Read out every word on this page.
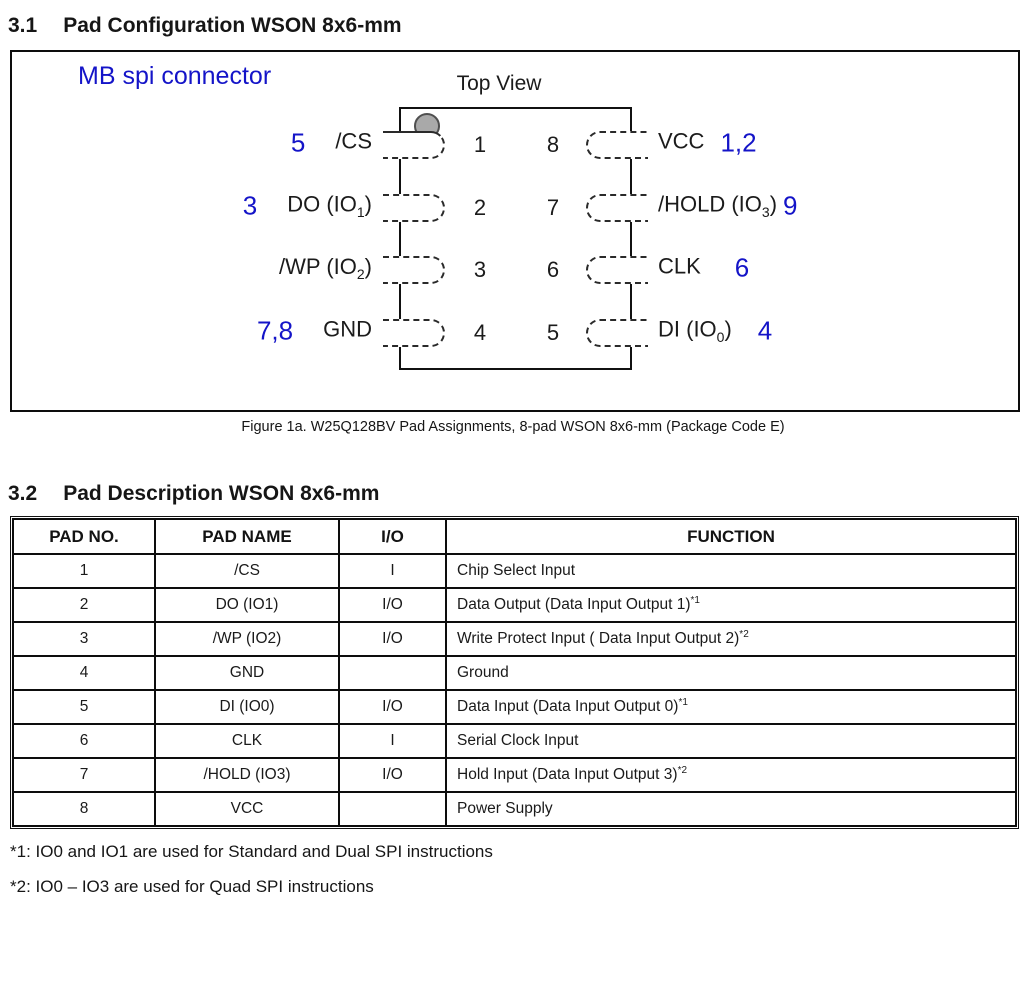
3.1 Pad Configuration WSON 8x6-mm
MB spi connector	Top View
1
2
3
4
8
7
6
5
5 /CS
3 DO $(IO_1)$
/WP $(IO_2)$
7,8 GND
VCC 1,2
/HOLD $(IO_3)$ 9
CLK 6
DI $(IO_0)$ 4
Figure 1a. W25Q128BV Pad Assignments, 8-pad WSON 8x6-mm (Package Code E)
3.2 Pad Description WSON 8x6-mm
PAD NO.	PAD NAME	I/O	FUNCTION
1	/CS	I	Chip Select Input
2	DO (IO1)	I/O	Data Output (Data Input Output 1)$^{*1}$
3	/WP (IO2)	I/O	Write Protect Input ( Data Input Output 2)$^{*2}$
4	GND		Ground
5	DI (IO0)	I/O	Data Input (Data Input Output 0)$^{*1}$
6	CLK	I	Serial Clock Input
7	/HOLD (IO3)	I/O	Hold Input (Data Input Output 3)$^{*2}$
8	VCC		Power Supply
*1: IO0 and IO1 are used for Standard and Dual SPI instructions
*2: IO0 – IO3 are used for Quad SPI instructions
